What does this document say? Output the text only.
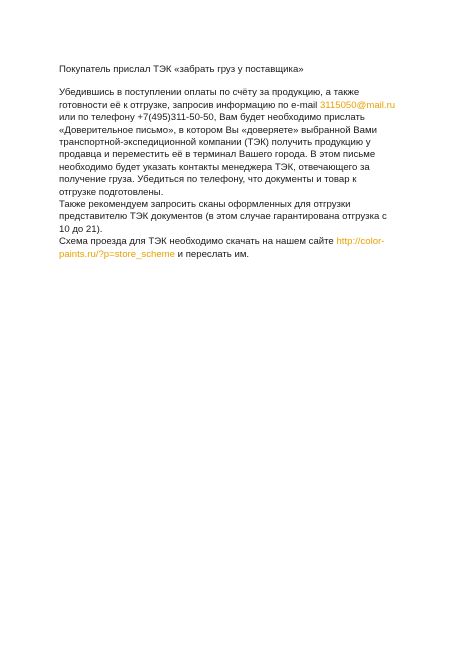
Покупатель прислал ТЭК «забрать груз у поставщика»

Убедившись в поступлении оплаты по счёту за продукцию, а также
готовности её к отгрузке, запросив информацию по e-mail 3115050@mail.ru
или по телефону +7(495)311-50-50, Вам будет необходимо прислать
«Доверительное письмо», в котором Вы «доверяете» выбранной Вами
транспортной-экспедиционной компании (ТЭК) получить продукцию у
продавца и переместить её в терминал Вашего города. В этом письме
необходимо будет указать контакты менеджера ТЭК, отвечающего за
получение груза. Убедиться по телефону, что документы и товар к
отгрузке подготовлены.
Также рекомендуем запросить сканы оформленных для отгрузки
представителю ТЭК документов (в этом случае гарантирована отгрузка с
10 до 21).
Схема проезда для ТЭК необходимо скачать на нашем сайте http://color-
paints.ru/?p=store_scheme и переслать им.
